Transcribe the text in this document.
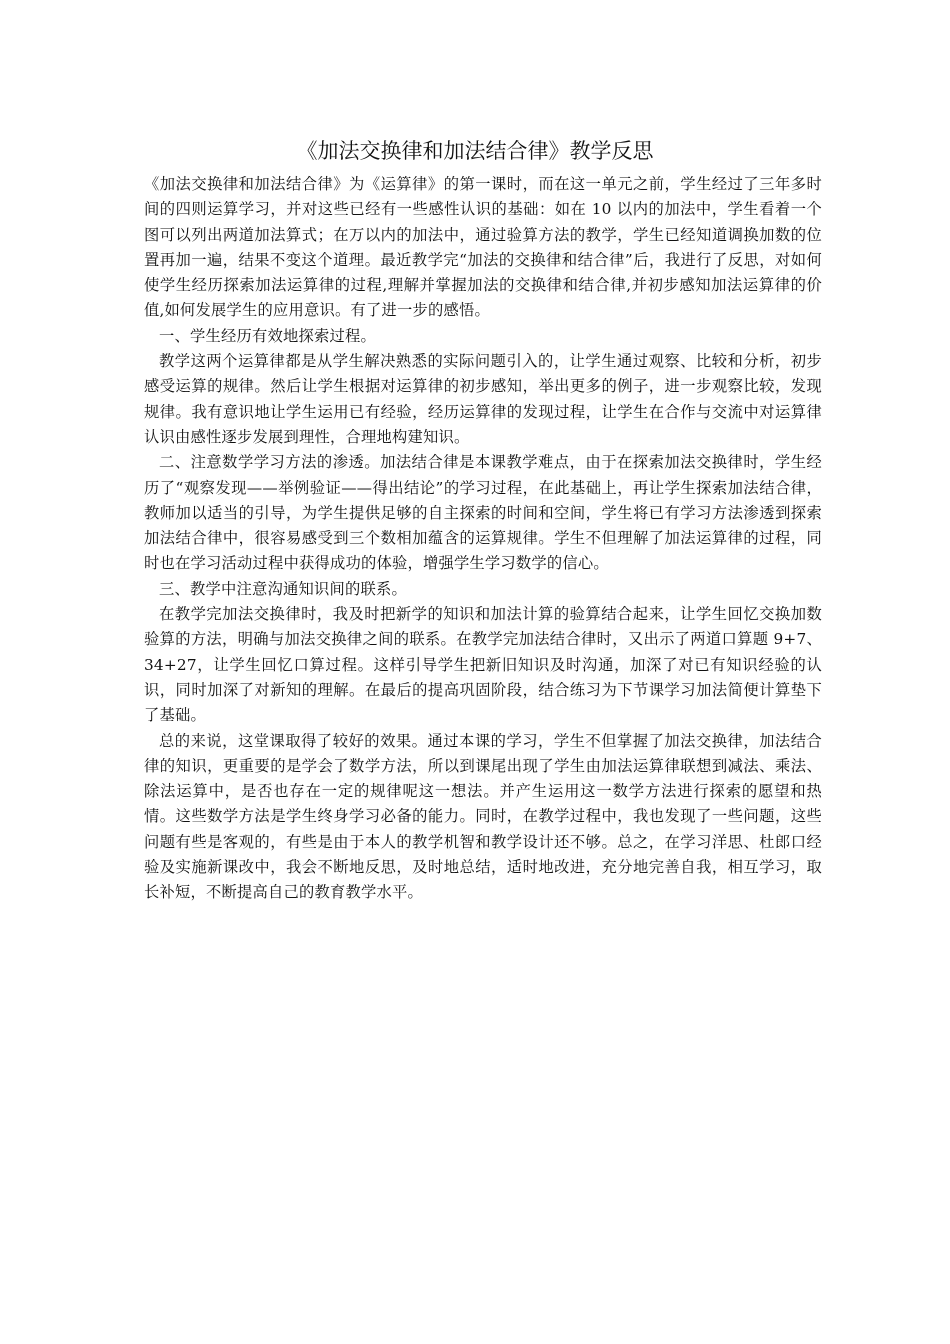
《加法交换律和加法结合律》教学反思

《加法交换律和加法结合律》为《运算律》的第一课时，而在这一单元之前，学生经过了三年多时间的四则运算学习，并对这些已经有一些感性认识的基础：如在 10 以内的加法中，学生看着一个图可以列出两道加法算式；在万以内的加法中，通过验算方法的教学，学生已经知道调换加数的位置再加一遍，结果不变这个道理。最近教学完“加法的交换律和结合律”后，我进行了反思，对如何使学生经历探索加法运算律的过程,理解并掌握加法的交换律和结合律,并初步感知加法运算律的价值,如何发展学生的应用意识。有了进一步的感悟。

一、学生经历有效地探索过程。

教学这两个运算律都是从学生解决熟悉的实际问题引入的，让学生通过观察、比较和分析，初步感受运算的规律。然后让学生根据对运算律的初步感知，举出更多的例子，进一步观察比较，发现规律。我有意识地让学生运用已有经验，经历运算律的发现过程，让学生在合作与交流中对运算律认识由感性逐步发展到理性，合理地构建知识。

二、注意数学学习方法的渗透。加法结合律是本课教学难点，由于在探索加法交换律时，学生经历了“观察发现——举例验证——得出结论”的学习过程，在此基础上，再让学生探索加法结合律，教师加以适当的引导，为学生提供足够的自主探索的时间和空间，学生将已有学习方法渗透到探索加法结合律中，很容易感受到三个数相加蕴含的运算规律。学生不但理解了加法运算律的过程，同时也在学习活动过程中获得成功的体验，增强学生学习数学的信心。

三、教学中注意沟通知识间的联系。

在教学完加法交换律时，我及时把新学的知识和加法计算的验算结合起来，让学生回忆交换加数验算的方法，明确与加法交换律之间的联系。在教学完加法结合律时，又出示了两道口算题 9+7、34+27，让学生回忆口算过程。这样引导学生把新旧知识及时沟通，加深了对已有知识经验的认识，同时加深了对新知的理解。在最后的提高巩固阶段，结合练习为下节课学习加法简便计算垫下了基础。

总的来说，这堂课取得了较好的效果。通过本课的学习，学生不但掌握了加法交换律，加法结合律的知识，更重要的是学会了数学方法，所以到课尾出现了学生由加法运算律联想到减法、乘法、除法运算中，是否也存在一定的规律呢这一想法。并产生运用这一数学方法进行探索的愿望和热情。这些数学方法是学生终身学习必备的能力。同时，在教学过程中，我也发现了一些问题，这些问题有些是客观的，有些是由于本人的教学机智和教学设计还不够。总之，在学习洋思、杜郎口经验及实施新课改中，我会不断地反思，及时地总结，适时地改进，充分地完善自我，相互学习，取长补短，不断提高自己的教育教学水平。
